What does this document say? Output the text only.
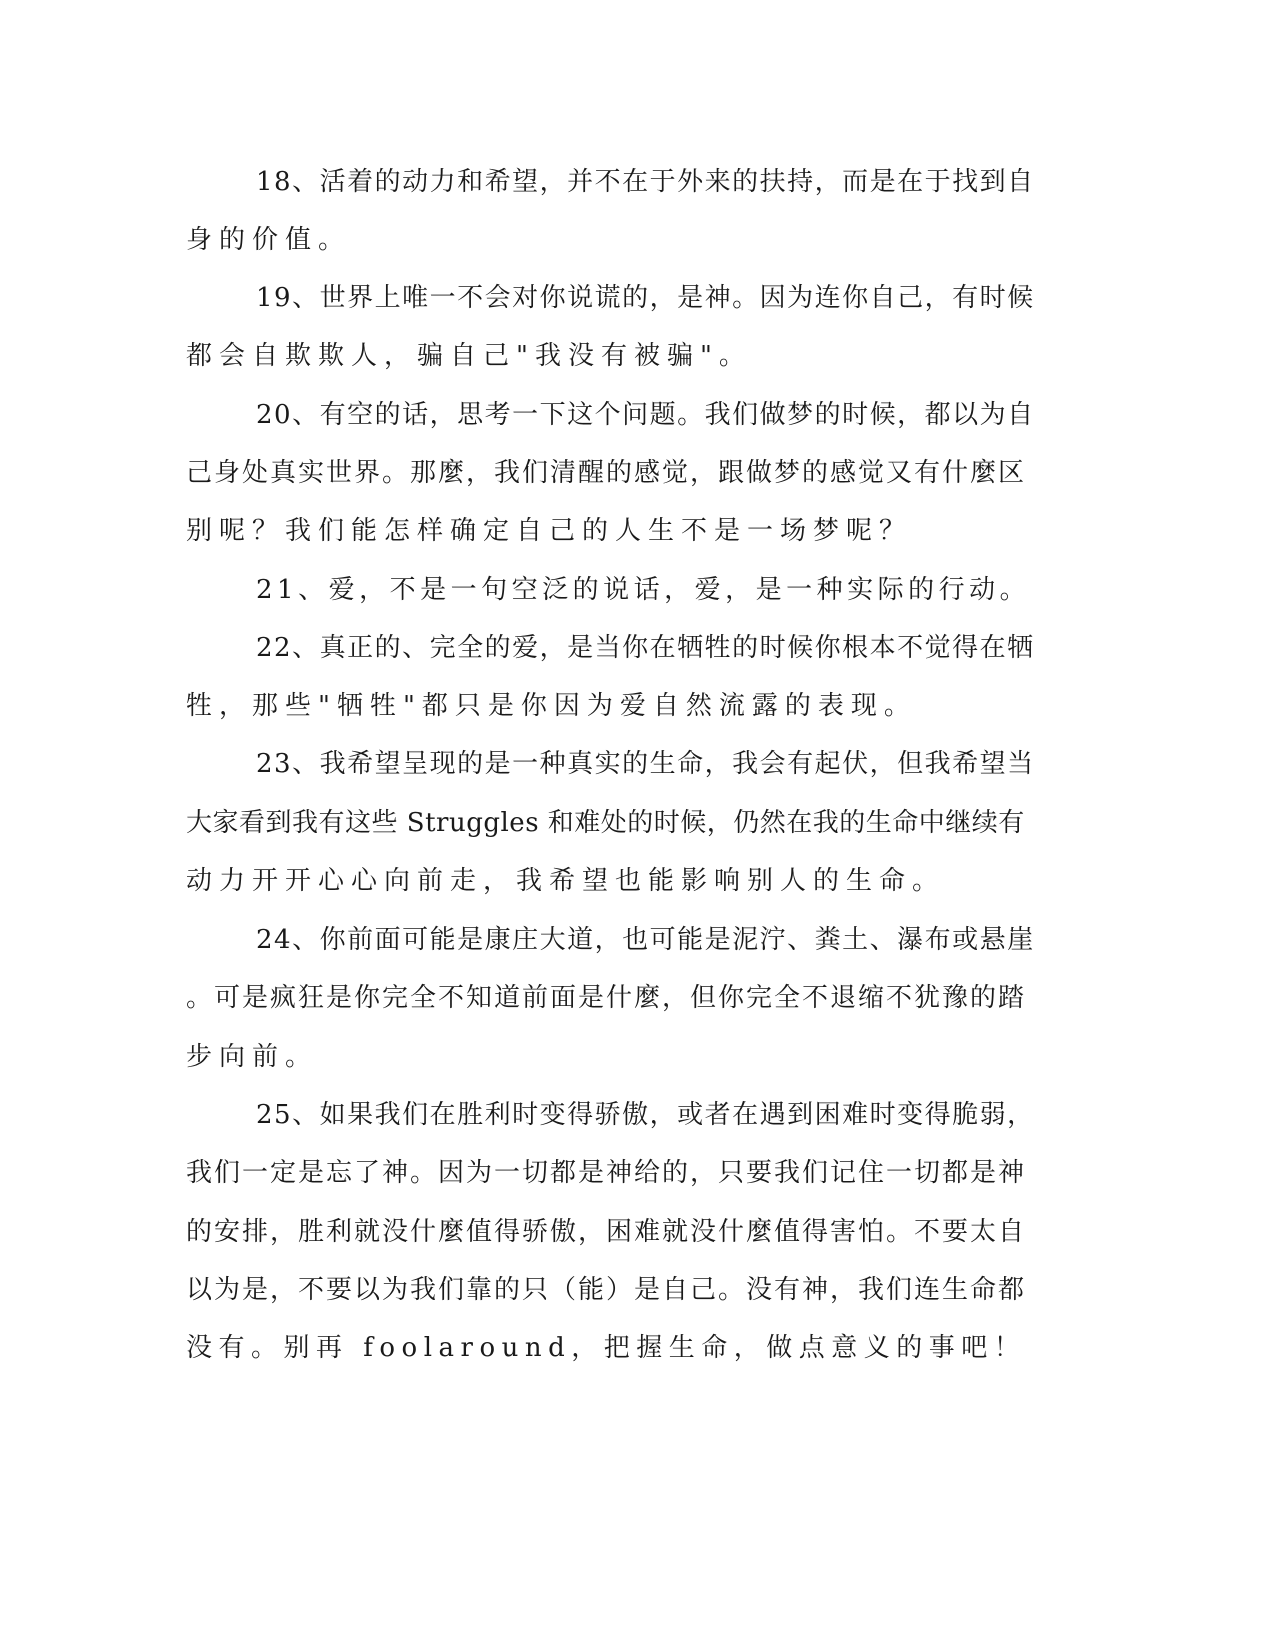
18、活着的动力和希望，并不在于外来的扶持，而是在于找到自
身的价值。
19、世界上唯一不会对你说谎的，是神。因为连你自己，有时候
都会自欺欺人，骗自己"我没有被骗"。
20、有空的话，思考一下这个问题。我们做梦的时候，都以为自
己身处真实世界。那麼，我们清醒的感觉，跟做梦的感觉又有什麼区
别呢？我们能怎样确定自己的人生不是一场梦呢？
21、爱，不是一句空泛的说话，爱，是一种实际的行动。
22、真正的、完全的爱，是当你在牺牲的时候你根本不觉得在牺
牲，那些"牺牲"都只是你因为爱自然流露的表现。
23、我希望呈现的是一种真实的生命，我会有起伏，但我希望当
大家看到我有这些 Struggles 和难处的时候，仍然在我的生命中继续有
动力开开心心向前走，我希望也能影响别人的生命。
24、你前面可能是康庄大道，也可能是泥泞、粪土、瀑布或悬崖
。可是疯狂是你完全不知道前面是什麼，但你完全不退缩不犹豫的踏
步向前。
25、如果我们在胜利时变得骄傲，或者在遇到困难时变得脆弱，
我们一定是忘了神。因为一切都是神给的，只要我们记住一切都是神
的安排，胜利就没什麼值得骄傲，困难就没什麼值得害怕。不要太自
以为是，不要以为我们靠的只（能）是自己。没有神，我们连生命都
没有。别再 foolaround，把握生命，做点意义的事吧！
